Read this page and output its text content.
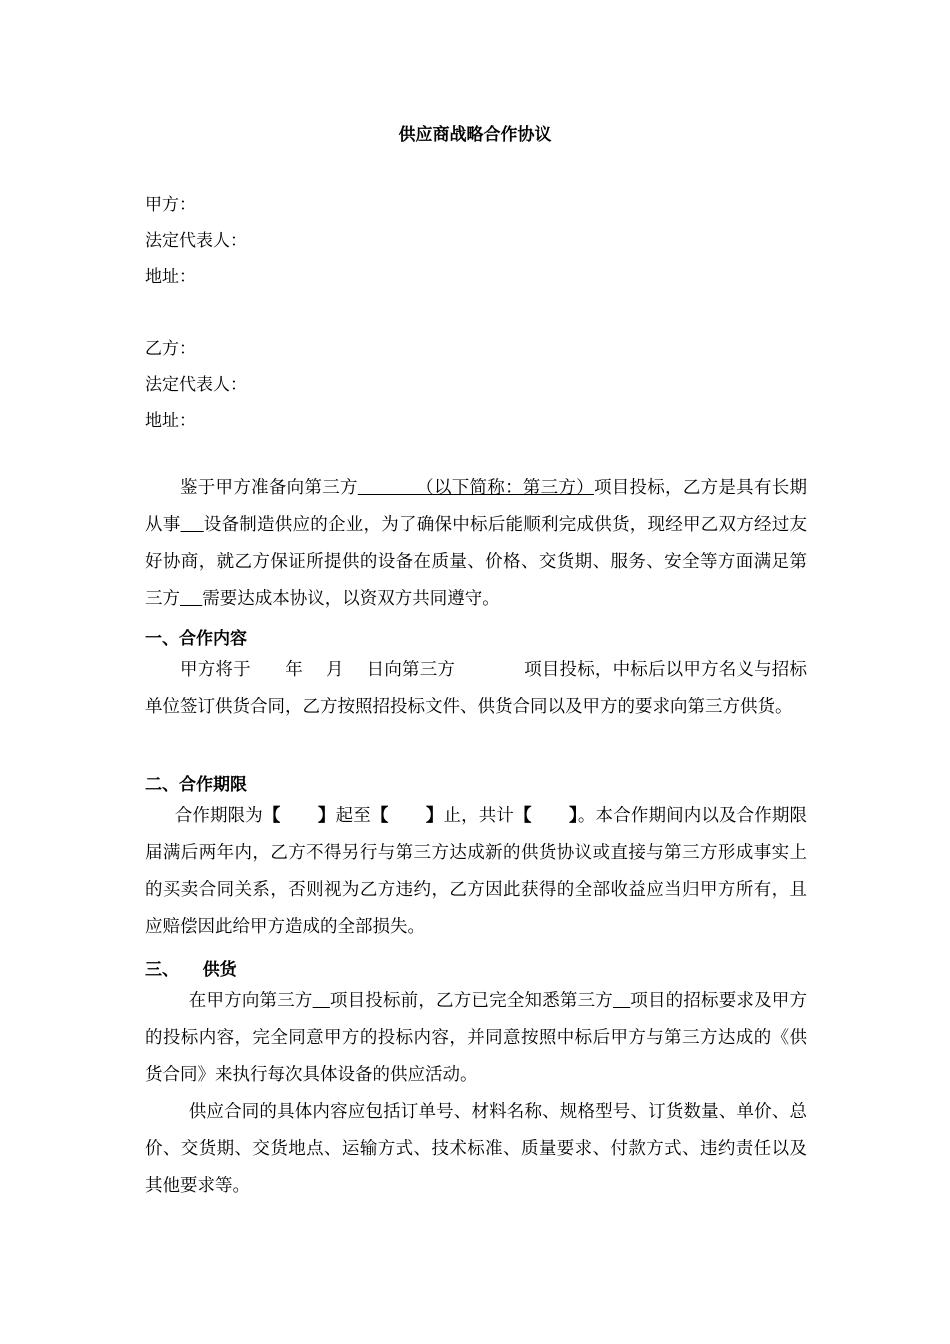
供应商战略合作协议
甲方：
法定代表人：
地址：
乙方：
法定代表人：
地址：
鉴于甲方准备向第三方          （以下简称：第三方）项目投标，乙方是具有长期从事 设备制造供应的企业，为了确保中标后能顺利完成供货，现经甲乙双方经过友好协商，就乙方保证所提供的设备在质量、价格、交货期、服务、安全等方面满足第三方 需要达成本协议，以资双方共同遵守。
一、合作内容
甲方将于      年    月    日向第三方            项目投标，中标后以甲方名义与招标单位签订供货合同，乙方按照招投标文件、供货合同以及甲方的要求向第三方供货。
二、合作期限
合作期限为【      】起至【      】止，共计【      】。本合作期间内以及合作期限届满后两年内，乙方不得另行与第三方达成新的供货协议或直接与第三方形成事实上的买卖合同关系，否则视为乙方违约，乙方因此获得的全部收益应当归甲方所有，且应赔偿因此给甲方造成的全部损失。
三、    供货
在甲方向第三方 项目投标前，乙方已完全知悉第三方 项目的招标要求及甲方的投标内容，完全同意甲方的投标内容，并同意按照中标后甲方与第三方达成的《供货合同》来执行每次具体设备的供应活动。
供应合同的具体内容应包括订单号、材料名称、规格型号、订货数量、单价、总价、交货期、交货地点、运输方式、技术标准、质量要求、付款方式、违约责任以及其他要求等。
